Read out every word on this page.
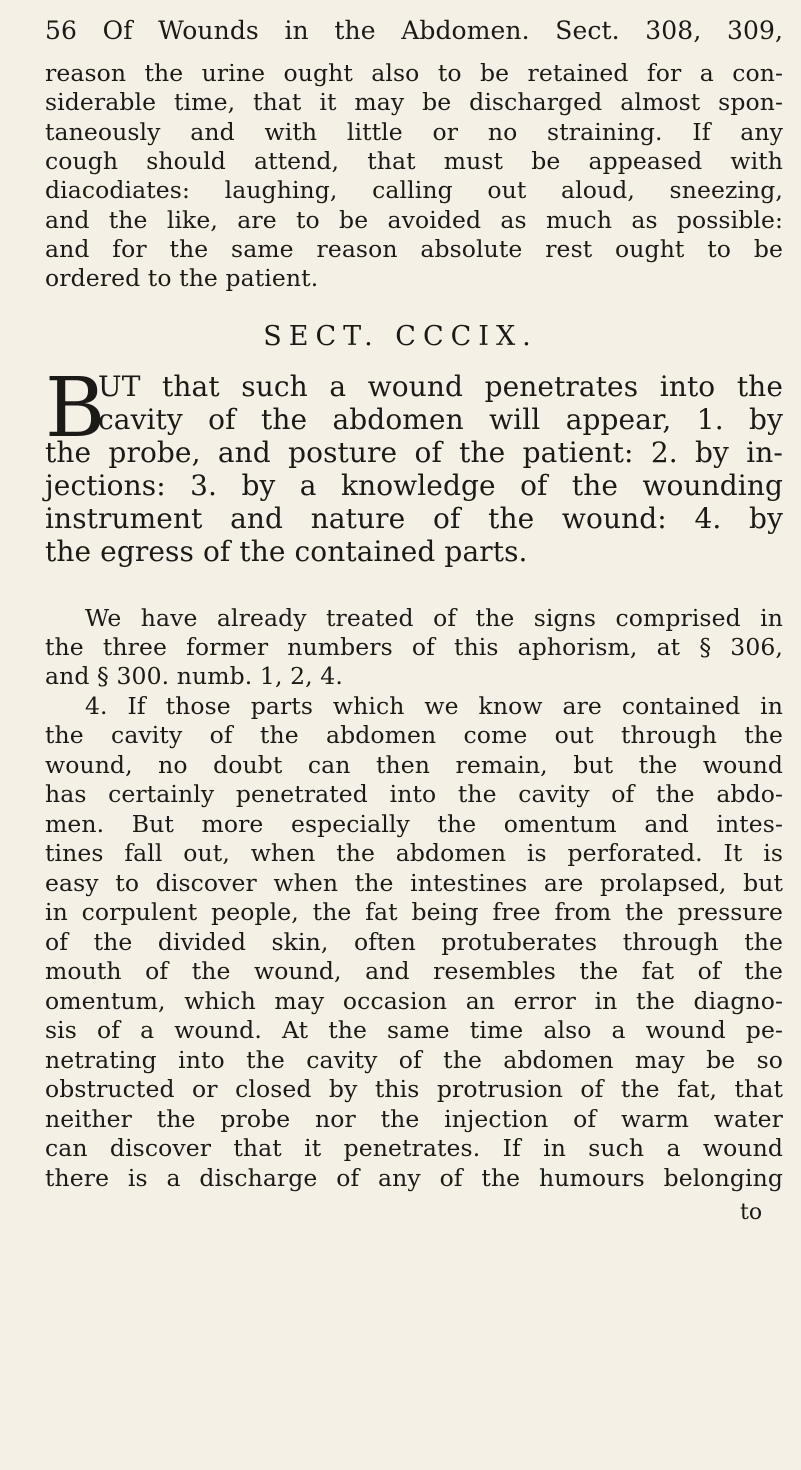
56 Of Wounds in the Abdomen. Sect. 308, 309,
reason the urine ought also to be retained for a con-
siderable time, that it may be discharged almost spon-
taneously and with little or no straining. If any
cough should attend, that must be appeased with
diacodiates: laughing, calling out aloud, sneezing,
and the like, are to be avoided as much as possible:
and for the same reason absolute rest ought to be
ordered to the patient.
SECT. CCCIX.
B
UT that such a wound penetrates into the
cavity of the abdomen will appear, 1. by
the probe, and posture of the patient: 2. by in-
jections: 3. by a knowledge of the wounding
instrument and nature of the wound: 4. by
the egress of the contained parts.
We have already treated of the signs comprised in
the three former numbers of this aphorism, at § 306,
and § 300. numb. 1, 2, 4.
4. If those parts which we know are contained in
the cavity of the abdomen come out through the
wound, no doubt can then remain, but the wound
has certainly penetrated into the cavity of the abdo-
men. But more especially the omentum and intes-
tines fall out, when the abdomen is perforated. It is
easy to discover when the intestines are prolapsed, but
in corpulent people, the fat being free from the pressure
of the divided skin, often protuberates through the
mouth of the wound, and resembles the fat of the
omentum, which may occasion an error in the diagno-
sis of a wound. At the same time also a wound pe-
netrating into the cavity of the abdomen may be so
obstructed or closed by this protrusion of the fat, that
neither the probe nor the injection of warm water
can discover that it penetrates. If in such a wound
there is a discharge of any of the humours belonging
to
